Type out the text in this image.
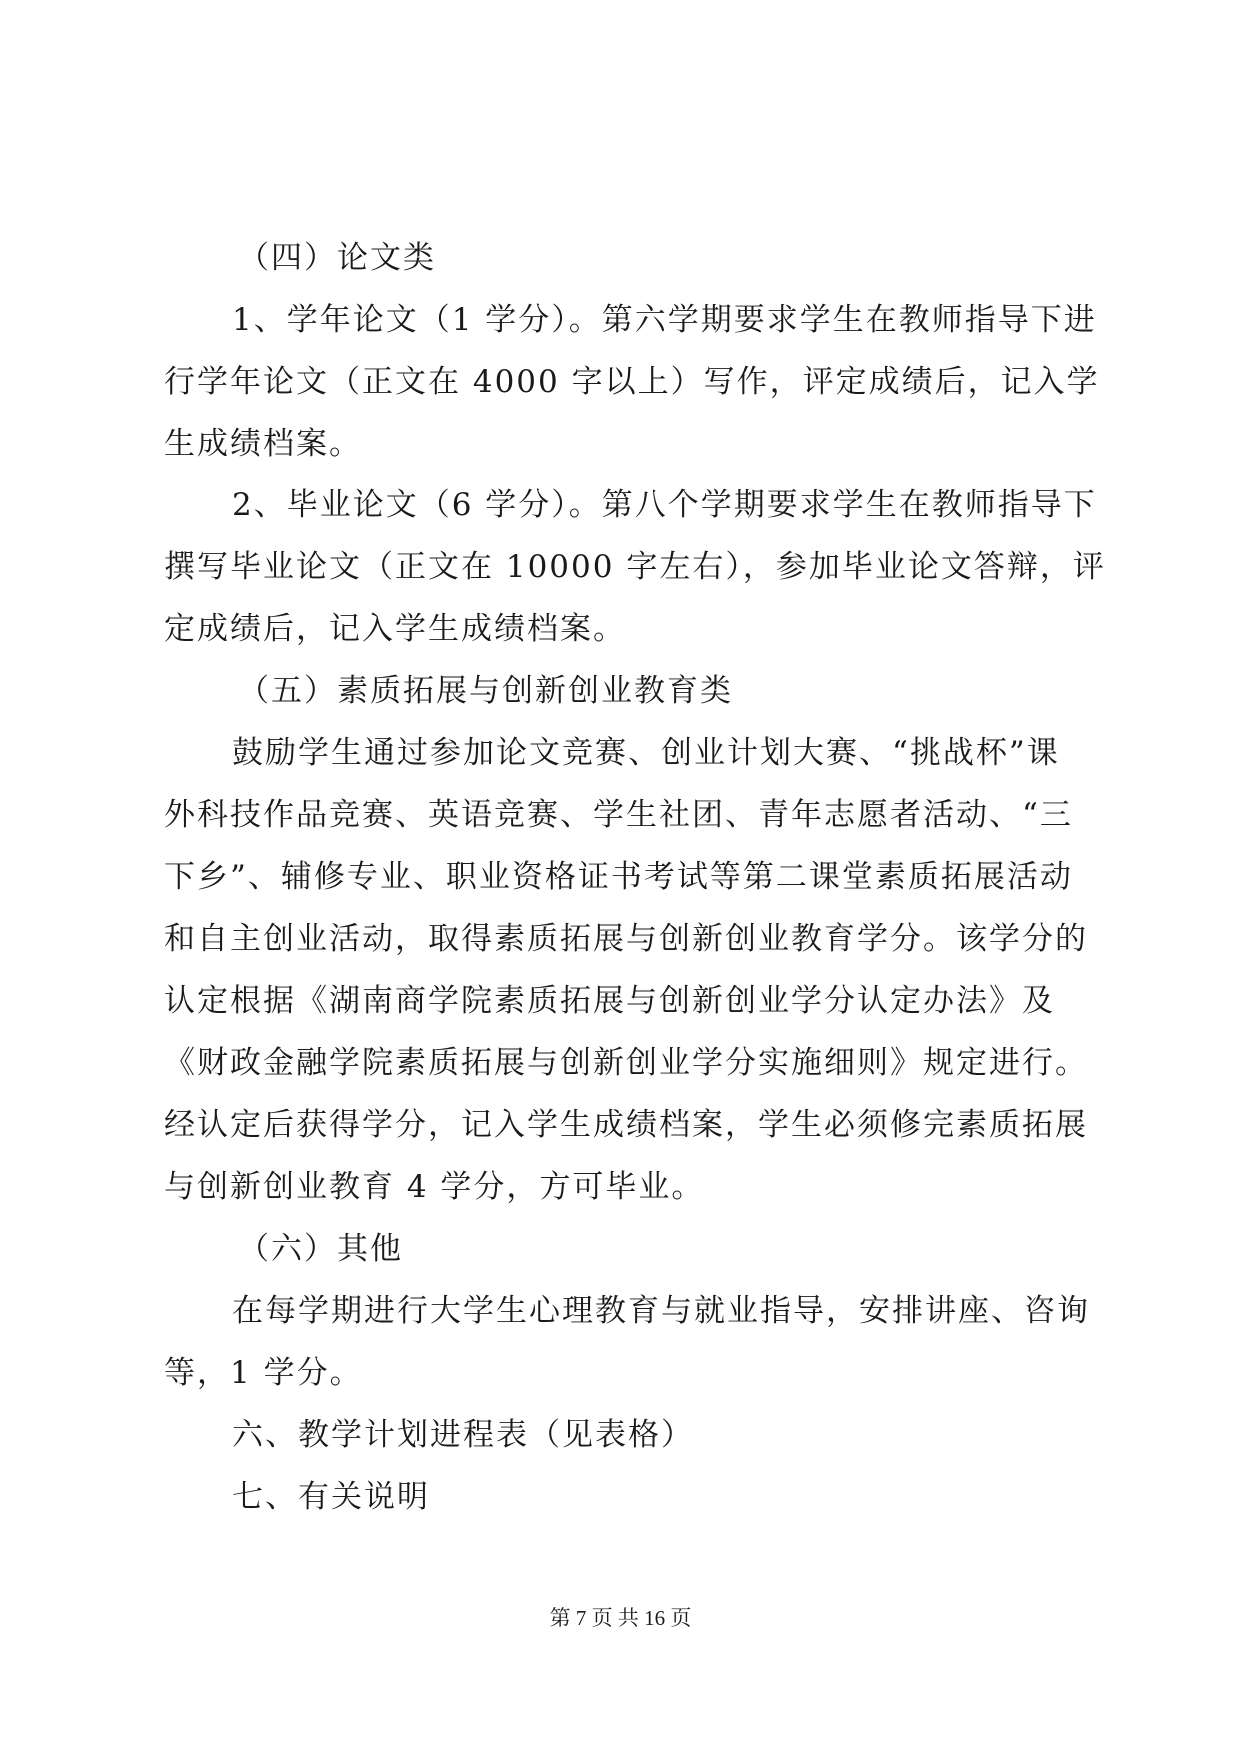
（四）论文类
1、学年论文（1 学分）。第六学期要求学生在教师指导下进
行学年论文（正文在 4000 字以上）写作，评定成绩后，记入学
生成绩档案。
2、毕业论文（6 学分）。第八个学期要求学生在教师指导下
撰写毕业论文（正文在 10000 字左右），参加毕业论文答辩，评
定成绩后，记入学生成绩档案。
（五）素质拓展与创新创业教育类
鼓励学生通过参加论文竞赛、创业计划大赛、“挑战杯”课
外科技作品竞赛、英语竞赛、学生社团、青年志愿者活动、“三
下乡”、辅修专业、职业资格证书考试等第二课堂素质拓展活动
和自主创业活动，取得素质拓展与创新创业教育学分。该学分的
认定根据《湖南商学院素质拓展与创新创业学分认定办法》及
《财政金融学院素质拓展与创新创业学分实施细则》规定进行。
经认定后获得学分，记入学生成绩档案，学生必须修完素质拓展
与创新创业教育 4 学分，方可毕业。
（六）其他
在每学期进行大学生心理教育与就业指导，安排讲座、咨询
等，1 学分。
六、教学计划进程表（见表格）
七、有关说明
第 7 页 共 16 页
